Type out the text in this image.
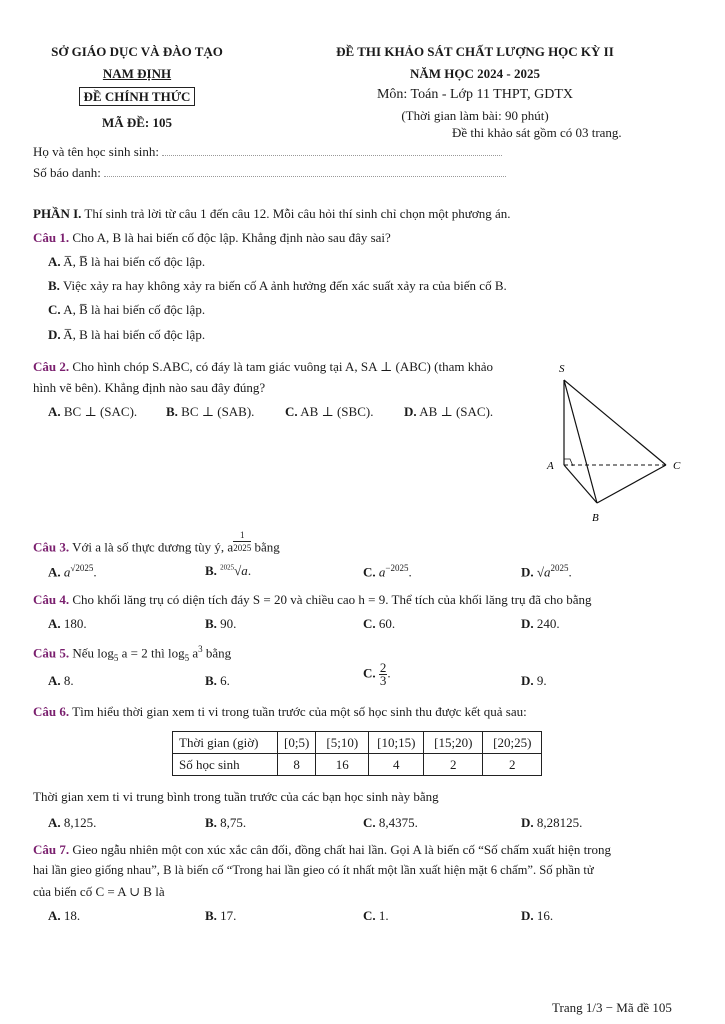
SỞ GIÁO DỤC VÀ ĐÀO TẠO
NAM ĐỊNH
ĐỀ CHÍNH THỨC
MÃ ĐỀ: 105
ĐỀ THI KHẢO SÁT CHẤT LƯỢNG HỌC KỲ II
NĂM HỌC 2024 - 2025
Môn: Toán - Lớp 11 THPT, GDTX
(Thời gian làm bài: 90 phút)
Đề thi khảo sát gồm có 03 trang.
Họ và tên học sinh sinh:
Số báo danh:
PHẦN I. Thí sinh trả lời từ câu 1 đến câu 12. Mỗi câu hỏi thí sinh chỉ chọn một phương án.
Câu 1. Cho A, B là hai biến cố độc lập. Khẳng định nào sau đây sai?
A. A̅, B̅ là hai biến cố độc lập.
B. Việc xảy ra hay không xảy ra biến cố A ảnh hưởng đến xác suất xảy ra của biến cố B.
C. A, B̅ là hai biến cố độc lập.
D. A̅, B là hai biến cố độc lập.
Câu 2. Cho hình chóp S.ABC, có đáy là tam giác vuông tại A, SA ⊥ (ABC) (tham khảo
hình vẽ bên). Khẳng định nào sau đây đúng?
A. BC ⊥ (SAC). B. BC ⊥ (SAB). C. AB ⊥ (SBC). D. AB ⊥ (SAC).
S
A
B
C
Câu 3. Với a là số thực dương tùy ý, a $\frac{1}{2025}$ bằng
A. $a^{√2025}$.	B. $^{2025}$√a.	C. $a^{-2025}$.	D. $√a^{2025}$.
Câu 4. Cho khối lăng trụ có diện tích đáy S = 20 và chiều cao h = 9. Thể tích của khối lăng trụ đã cho bằng
A. 180.	B. 90.	C. 60.	D. 240.
Câu 5. Nếu $\log_5 a = 2$ thì $\log_5 a^3$ bằng
A. 8.	B. 6.
C. $\frac{2}{3}$ .
D. 9.
Câu 6. Tìm hiểu thời gian xem ti vi trong tuần trước của một số học sinh thu được kết quả sau:
Thời gian (giờ)	[0;5)	[5;10)	[10;15)	[15;20)	[20;25)
Số học sinh	8	16	4	2	2
Thời gian xem ti vi trung bình trong tuần trước của các bạn học sinh này bằng
A. 8,125.	B. 8,75.	C. 8,4375.	D. 8,28125.
Câu 7. Gieo ngẫu nhiên một con xúc xắc cân đối, đồng chất hai lần. Gọi A là biến cố “Số chấm xuất hiện trong
hai lần gieo giống nhau”, B là biến cố “Trong hai lần gieo có ít nhất một lần xuất hiện mặt 6 chấm”. Số phần tử
của biến cố C = A ∪ B là
A. 18.	B. 17.	C. 1.	D. 16.
Trang 1/3 − Mã đề 105
